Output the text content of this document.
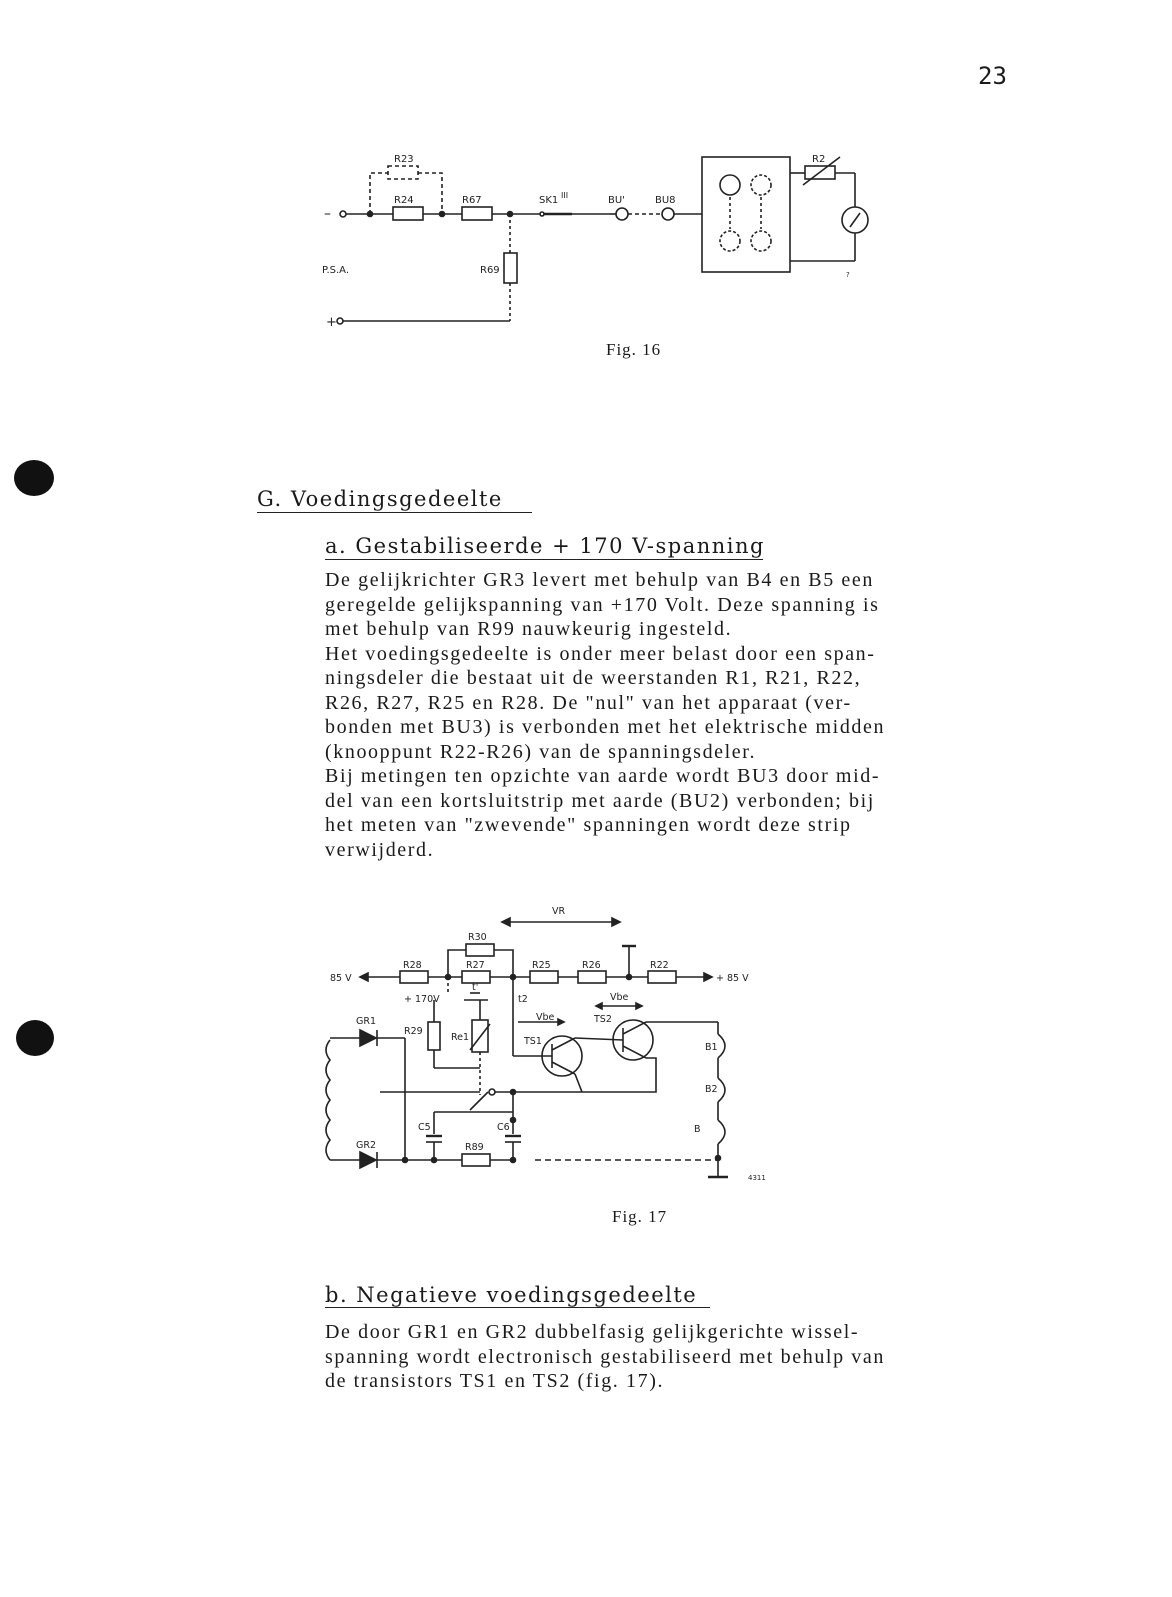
23
R23
R24	R67	SK1 III	BU'	BU8
R2
R69
P.S.A.
–
+
?
Fig. 16
G. Voedingsgedeelte
a. Gestabiliseerde + 170 V-spanning
De gelijkrichter GR3 levert met behulp van B4 en B5 een
geregelde gelijkspanning van +170 Volt. Deze spanning is
met behulp van R99 nauwkeurig ingesteld.
Het voedingsgedeelte is onder meer belast door een span-
ningsdeler die bestaat uit de weerstanden R1, R21, R22,
R26, R27, R25 en R28. De "nul" van het apparaat (ver-
bonden met BU3) is verbonden met het elektrische midden
(knooppunt R22-R26) van de spanningsdeler.
Bij metingen ten opzichte van aarde wordt BU3 door mid-
del van een kortsluitstrip met aarde (BU2) verbonden; bij
het meten van "zwevende" spanningen wordt deze strip
verwijderd.
VR
R30
R28	R27	R25	R26	R22
85 V	+ 85 V
+ 170V
t'
t2
Vbe
Vbe
GR1
GR2
R29
Re1	TS1
TS2
B1
B2
B
C5	C6
R89
4311
Fig. 17
b. Negatieve voedingsgedeelte
De door GR1 en GR2 dubbelfasig gelijkgerichte wissel-
spanning wordt electronisch gestabiliseerd met behulp van
de transistors TS1 en TS2 (fig. 17).
